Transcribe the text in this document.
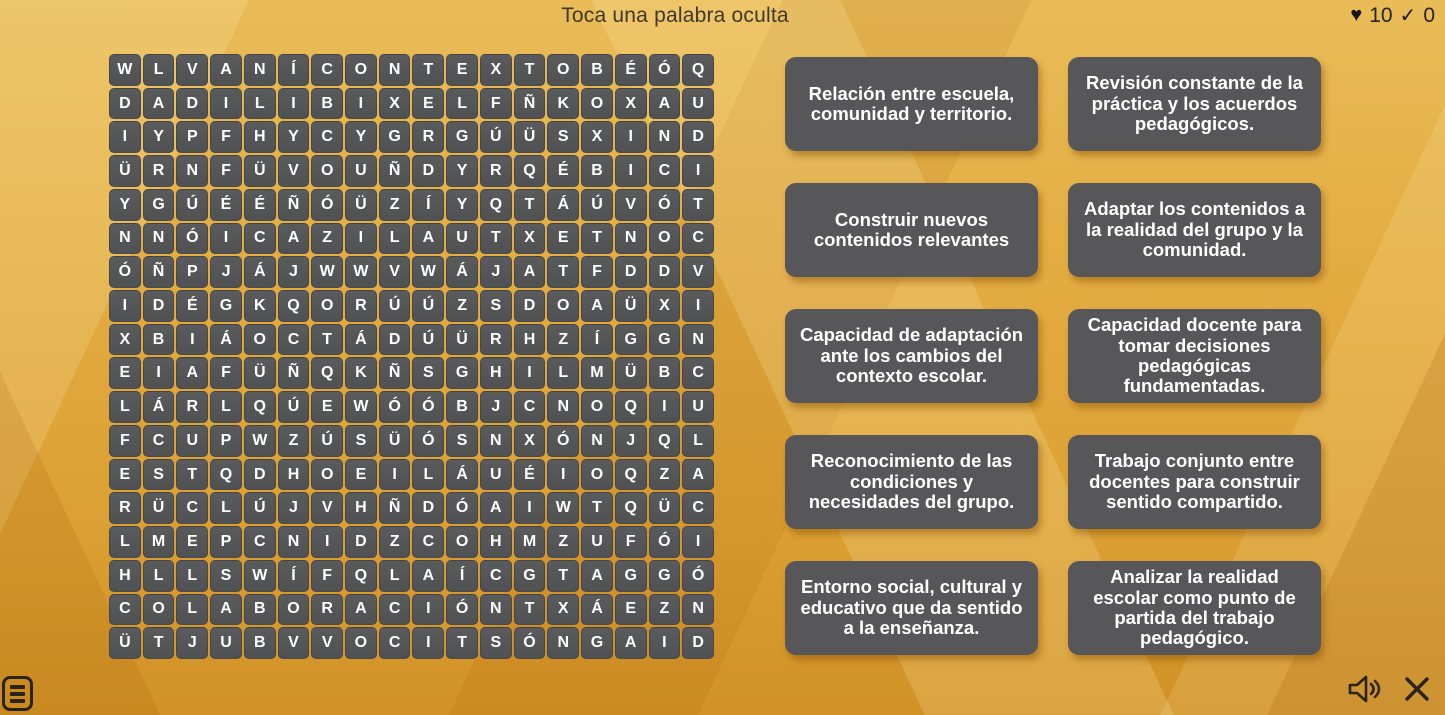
Toca una palabra oculta	♥ 10 ✓ 0
W	L	V	A	N	Í	C	O	N	T	E	X	T	O	B	É	Ó	Q
D	A	D	I	L	I	B	I	X	E	L	F	Ñ	K	O	X	A	U
I	Y	P	F	H	Y	C	Y	G	R	G	Ú	Ü	S	X	I	N	D
Ü	R	N	F	Ü	V	O	U	Ñ	D	Y	R	Q	É	B	I	C	I
Y	G	Ú	É	É	Ñ	Ó	Ü	Z	Í	Y	Q	T	Á	Ú	V	Ó	T
N	N	Ó	I	C	A	Z	I	L	A	U	T	X	E	T	N	O	C
Ó	Ñ	P	J	Á	J	W	W	V	W	Á	J	A	T	F	D	D	V
I	D	É	G	K	Q	O	R	Ú	Ú	Z	S	D	O	A	Ü	X	I
X	B	I	Á	O	C	T	Á	D	Ú	Ü	R	H	Z	Í	G	G	N
E	I	A	F	Ü	Ñ	Q	K	Ñ	S	G	H	I	L	M	Ü	B	C
L	Á	R	L	Q	Ú	E	W	Ó	Ó	B	J	C	N	O	Q	I	U
F	C	U	P	W	Z	Ú	S	Ü	Ó	S	N	X	Ó	N	J	Q	L
E	S	T	Q	D	H	O	E	I	L	Á	U	É	I	O	Q	Z	A
R	Ü	C	L	Ú	J	V	H	Ñ	D	Ó	A	I	W	T	Q	Ü	C
L	M	E	P	C	N	I	D	Z	C	O	H	M	Z	U	F	Ó	I
H	L	L	S	W	Í	F	Q	L	A	Í	C	G	T	A	G	G	Ó
C	O	L	A	B	O	R	A	C	I	Ó	N	T	X	Á	E	Z	N
Ü	T	J	U	B	V	V	O	C	I	T	S	Ó	N	G	A	I	D
Relación entre escuela, comunidad y territorio.
Construir nuevos contenidos relevantes
Capacidad de adaptación ante los cambios del contexto escolar.
Reconocimiento de las condiciones y necesidades del grupo.
Entorno social, cultural y educativo que da sentido a la enseñanza.
Revisión constante de la práctica y los acuerdos pedagógicos.
Adaptar los contenidos a la realidad del grupo y la comunidad.
Capacidad docente para tomar decisiones pedagógicas fundamentadas.
Trabajo conjunto entre docentes para construir sentido compartido.
Analizar la realidad escolar como punto de partida del trabajo pedagógico.
